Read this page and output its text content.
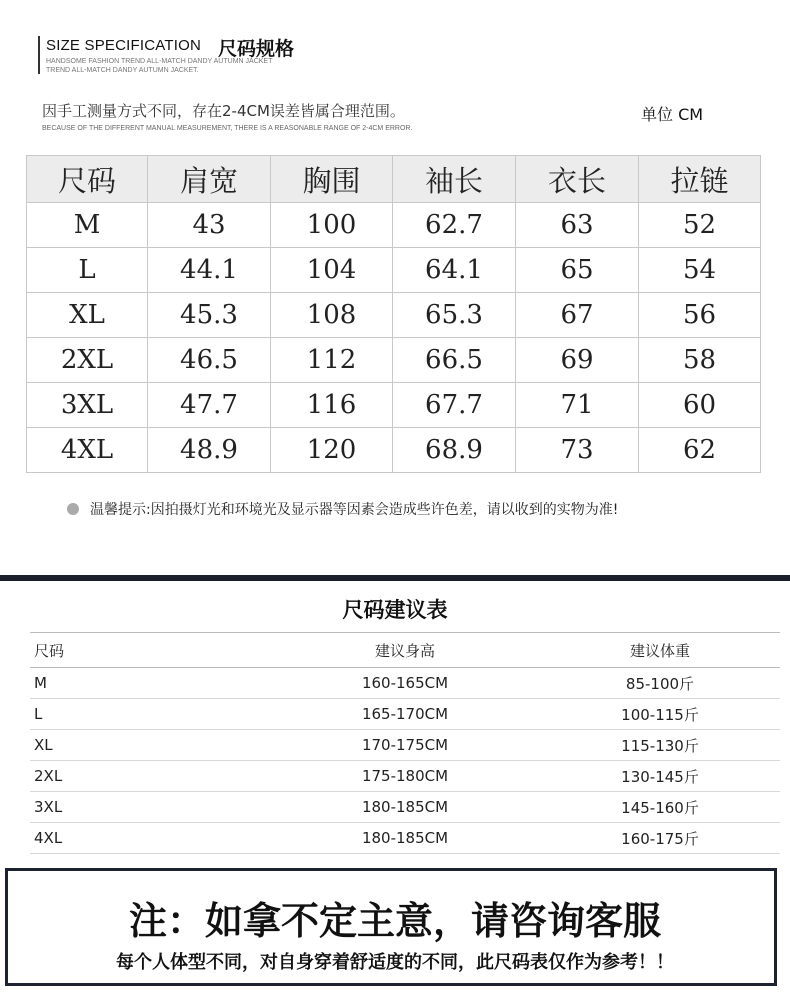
SIZE SPECIFICATION 尺码规格
HANDSOME FASHION TREND ALL-MATCH DANDY AUTUMN JACKET
TREND ALL-MATCH DANDY AUTUMN JACKET.
因手工测量方式不同，存在2-4CM误差皆属合理范围。
BECAUSE OF THE DIFFERENT MANUAL MEASUREMENT, THERE IS A REASONABLE RANGE OF 2-4CM ERROR.
单位 CM
尺码	肩宽	胸围	袖长	衣长	拉链
M	43	100	62.7	63	52
L	44.1	104	64.1	65	54
XL	45.3	108	65.3	67	56
2XL	46.5	112	66.5	69	58
3XL	47.7	116	67.7	71	60
4XL	48.9	120	68.9	73	62
温馨提示:因拍摄灯光和环境光及显示器等因素会造成些许色差，请以收到的实物为准!
尺码建议表
尺码	建议身高	建议体重
M	160-165CM	85-100斤
L	165-170CM	100-115斤
XL	170-175CM	115-130斤
2XL	175-180CM	130-145斤
3XL	180-185CM	145-160斤
4XL	180-185CM	160-175斤
注：如拿不定主意，请咨询客服
每个人体型不同，对自身穿着舒适度的不同，此尺码表仅作为参考！！
